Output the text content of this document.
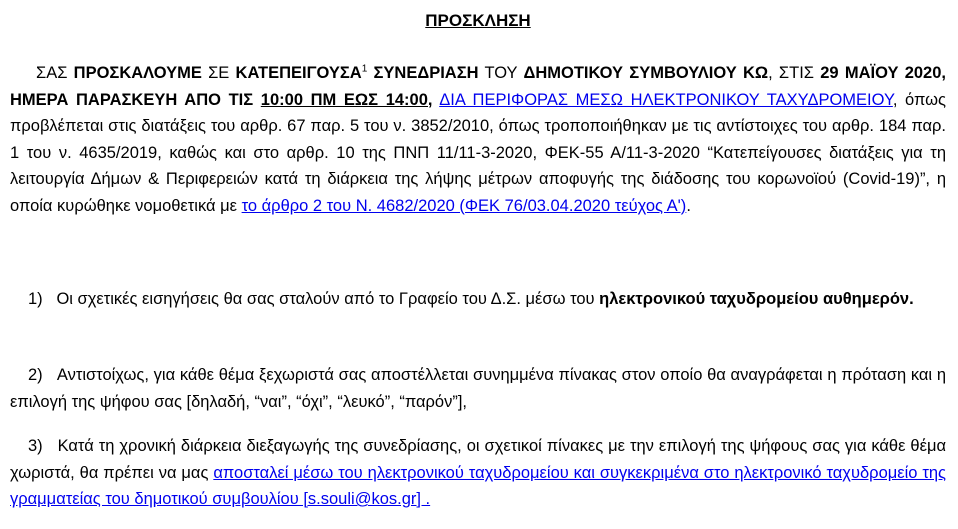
ΠΡΟΣΚΛΗΣΗ
ΣΑΣ ΠΡΟΣΚΑΛΟΥΜΕ ΣΕ ΚΑΤΕΠΕΙΓΟΥΣΑ$^1$ ΣΥΝΕΔΡΙΑΣΗ ΤΟΥ ΔΗΜΟΤΙΚΟΥ ΣΥΜΒΟΥΛΙΟΥ ΚΩ, ΣΤΙΣ 29 ΜΑΪΟΥ 2020, ΗΜΕΡΑ ΠΑΡΑΣΚΕΥΗ ΑΠΟ ΤΙΣ 10:00 ΠΜ ΕΩΣ 14:00, ΔΙΑ ΠΕΡΙΦΟΡΑΣ ΜΕΣΩ ΗΛΕΚΤΡΟΝΙΚΟΥ ΤΑΧΥΔΡΟΜΕΙΟΥ, όπως προβλέπεται στις διατάξεις του αρθρ. 67 παρ. 5 του ν. 3852/2010, όπως τροποποιήθηκαν με τις αντίστοιχες του αρθρ. 184 παρ. 1 του ν. 4635/2019, καθώς και στο αρθρ. 10 της ΠΝΠ 11/11-3-2020, ΦΕΚ-55 Α/11-3-2020 “Κατεπείγουσες διατάξεις για τη λειτουργία Δήμων & Περιφερειών κατά τη διάρκεια της λήψης μέτρων αποφυγής της διάδοσης του κορωνοϊού (Covid-19)”, η οποία κυρώθηκε νομοθετικά με το άρθρο 2 του Ν. 4682/2020 (ΦΕΚ 76/03.04.2020 τεύχος Α').
1) Οι σχετικές εισηγήσεις θα σας σταλούν από το Γραφείο του Δ.Σ. μέσω του ηλεκτρονικού ταχυδρομείου αυθημερόν.
2) Αντιστοίχως, για κάθε θέμα ξεχωριστά σας αποστέλλεται συνημμένα πίνακας στον οποίο θα αναγράφεται η πρόταση και η επιλογή της ψήφου σας [δηλαδή, “ναι”, “όχι”, “λευκό”, “παρόν”],
3) Κατά τη χρονική διάρκεια διεξαγωγής της συνεδρίασης, οι σχετικοί πίνακες με την επιλογή της ψήφους σας για κάθε θέμα χωριστά, θα πρέπει να μας αποσταλεί μέσω του ηλεκτρονικού ταχυδρομείου και συγκεκριμένα στο ηλεκτρονικό ταχυδρομείο της γραμματείας του δημοτικού συμβουλίου [s.souli@kos.gr] .
